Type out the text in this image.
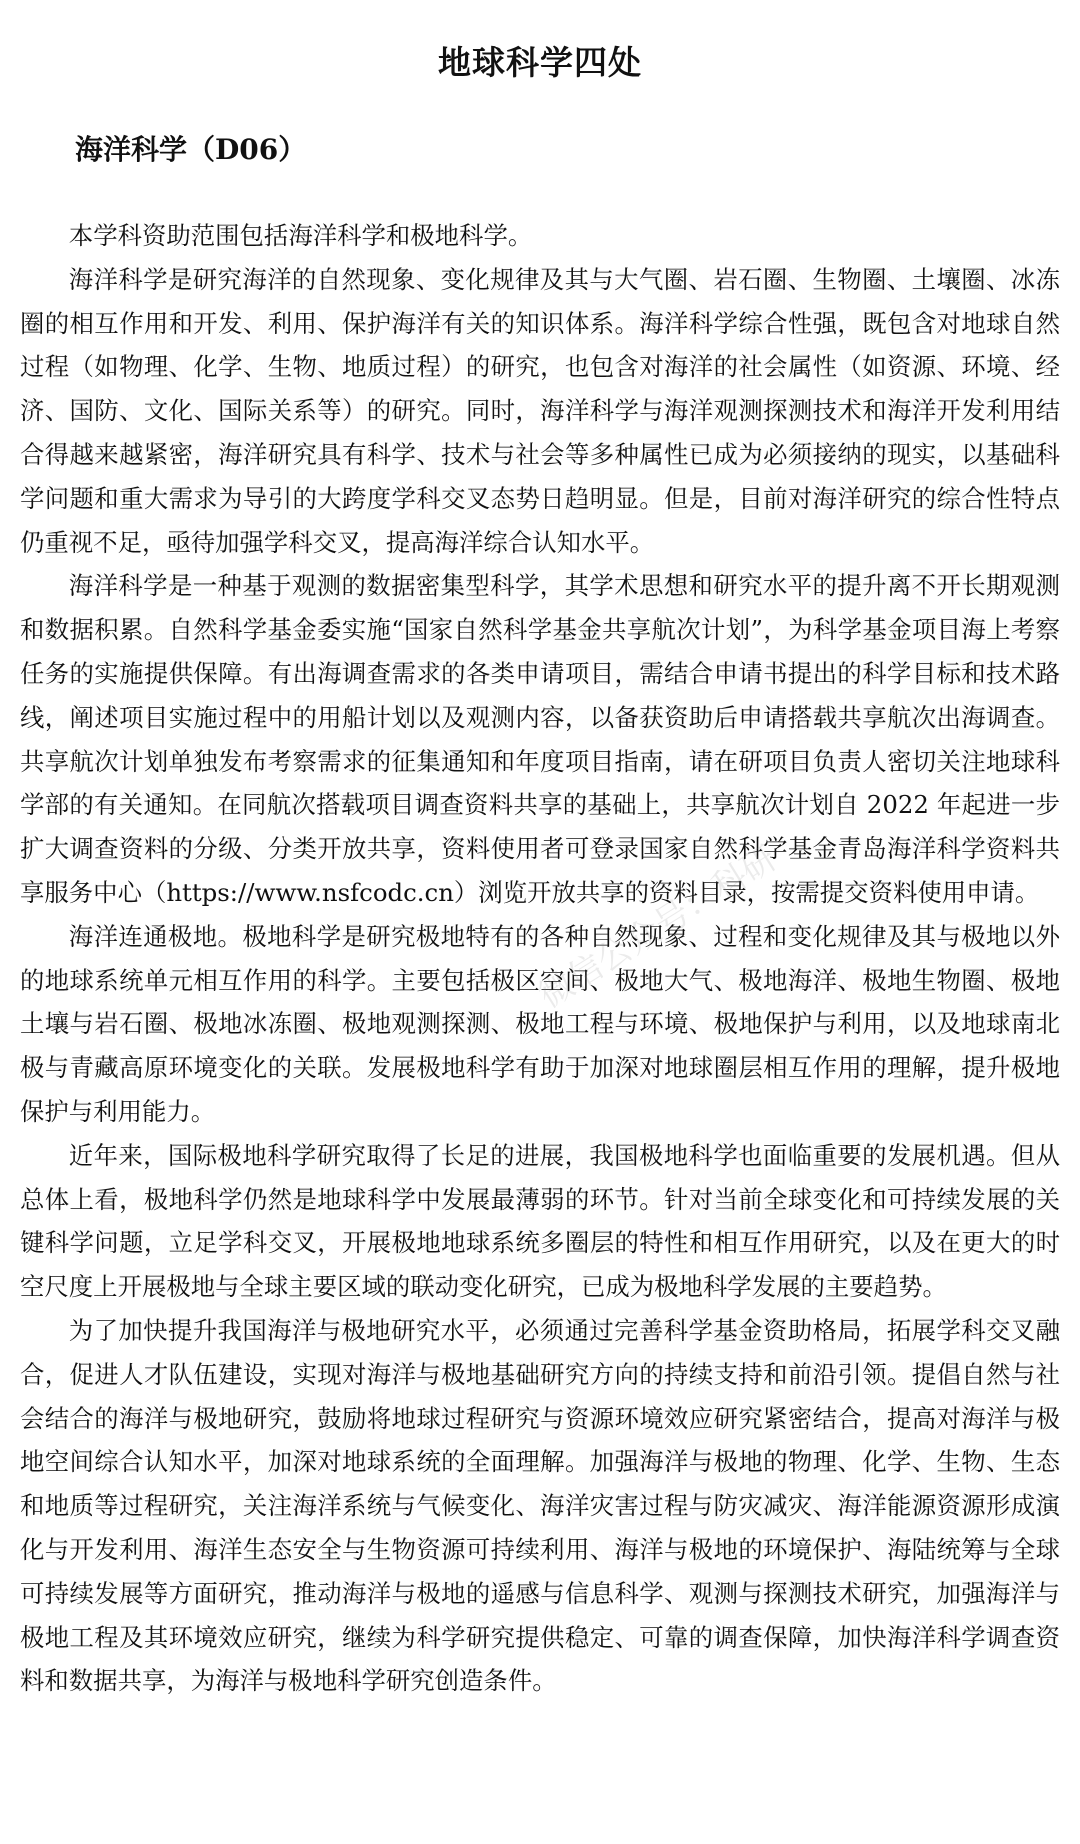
地球科学四处
海洋科学（D06）

本学科资助范围包括海洋科学和极地科学。

海洋科学是研究海洋的自然现象、变化规律及其与大气圈、岩石圈、生物圈、土壤圈、冰冻圈的相互作用和开发、利用、保护海洋有关的知识体系。海洋科学综合性强，既包含对地球自然过程（如物理、化学、生物、地质过程）的研究，也包含对海洋的社会属性（如资源、环境、经济、国防、文化、国际关系等）的研究。同时，海洋科学与海洋观测探测技术和海洋开发利用结合得越来越紧密，海洋研究具有科学、技术与社会等多种属性已成为必须接纳的现实，以基础科学问题和重大需求为导引的大跨度学科交叉态势日趋明显。但是，目前对海洋研究的综合性特点仍重视不足，亟待加强学科交叉，提高海洋综合认知水平。

海洋科学是一种基于观测的数据密集型科学，其学术思想和研究水平的提升离不开长期观测和数据积累。自然科学基金委实施“国家自然科学基金共享航次计划”，为科学基金项目海上考察任务的实施提供保障。有出海调查需求的各类申请项目，需结合申请书提出的科学目标和技术路线，阐述项目实施过程中的用船计划以及观测内容，以备获资助后申请搭载共享航次出海调查。共享航次计划单独发布考察需求的征集通知和年度项目指南，请在研项目负责人密切关注地球科学部的有关通知。在同航次搭载项目调查资料共享的基础上，共享航次计划自 2022 年起进一步扩大调查资料的分级、分类开放共享，资料使用者可登录国家自然科学基金青岛海洋科学资料共享服务中心（https://www.nsfcodc.cn）浏览开放共享的资料目录，按需提交资料使用申请。

海洋连通极地。极地科学是研究极地特有的各种自然现象、过程和变化规律及其与极地以外的地球系统单元相互作用的科学。主要包括极区空间、极地大气、极地海洋、极地生物圈、极地土壤与岩石圈、极地冰冻圈、极地观测探测、极地工程与环境、极地保护与利用，以及地球南北极与青藏高原环境变化的关联。发展极地科学有助于加深对地球圈层相互作用的理解，提升极地保护与利用能力。

近年来，国际极地科学研究取得了长足的进展，我国极地科学也面临重要的发展机遇。但从总体上看，极地科学仍然是地球科学中发展最薄弱的环节。针对当前全球变化和可持续发展的关键科学问题，立足学科交叉，开展极地地球系统多圈层的特性和相互作用研究，以及在更大的时空尺度上开展极地与全球主要区域的联动变化研究，已成为极地科学发展的主要趋势。

为了加快提升我国海洋与极地研究水平，必须通过完善科学基金资助格局，拓展学科交叉融合，促进人才队伍建设，实现对海洋与极地基础研究方向的持续支持和前沿引领。提倡自然与社会结合的海洋与极地研究，鼓励将地球过程研究与资源环境效应研究紧密结合，提高对海洋与极地空间综合认知水平，加深对地球系统的全面理解。加强海洋与极地的物理、化学、生物、生态和地质等过程研究，关注海洋系统与气候变化、海洋灾害过程与防灾减灾、海洋能源资源形成演化与开发利用、海洋生态安全与生物资源可持续利用、海洋与极地的环境保护、海陆统筹与全球可持续发展等方面研究，推动海洋与极地的遥感与信息科学、观测与探测技术研究，加强海洋与极地工程及其环境效应研究，继续为科学研究提供稳定、可靠的调查保障，加快海洋科学调查资料和数据共享，为海洋与极地科学研究创造条件。

微信公众号：科研
